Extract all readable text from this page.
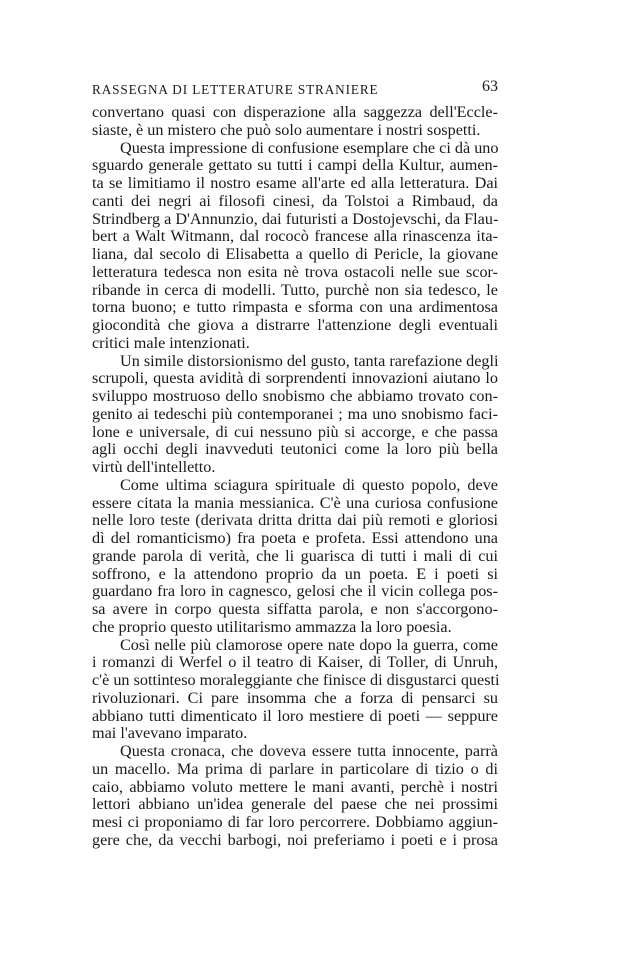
RASSEGNA DI LETTERATURE STRANIERE	63
convertano quasi con disperazione alla saggezza dell'Eccle-
siaste, è un mistero che può solo aumentare i nostri sospetti.
Questa impressione di confusione esemplare che ci dà uno
sguardo generale gettato su tutti i campi della Kultur, aumen-
ta se limitiamo il nostro esame all'arte ed alla letteratura. Dai
canti dei negri ai filosofi cinesi, da Tolstoi a Rimbaud, da
Strindberg a D'Annunzio, dai futuristi a Dostojevschi, da Flau-
bert a Walt Witmann, dal rococò francese alla rinascenza ita-
liana, dal secolo di Elisabetta a quello di Pericle, la giovane
letteratura tedesca non esita nè trova ostacoli nelle sue scor-
ribande in cerca di modelli. Tutto, purchè non sia tedesco, le
torna buono; e tutto rimpasta e sforma con una ardimentosa
giocondità che giova a distrarre l'attenzione degli eventuali
critici male intenzionati.
Un simile distorsionismo del gusto, tanta rarefazione degli
scrupoli, questa avidità di sorprendenti innovazioni aiutano lo
sviluppo mostruoso dello snobismo che abbiamo trovato con-
genito ai tedeschi più contemporanei ; ma uno snobismo faci-
lone e universale, di cui nessuno più si accorge, e che passa
agli occhi degli inavveduti teutonici come la loro più bella
virtù dell'intelletto.
Come ultima sciagura spirituale di questo popolo, deve
essere citata la mania messianica. C'è una curiosa confusione
nelle loro teste (derivata dritta dritta dai più remoti e gloriosi
dì del romanticismo) fra poeta e profeta. Essi attendono una
grande parola di verità, che li guarisca di tutti i mali di cui
soffrono, e la attendono proprio da un poeta. E i poeti si
guardano fra loro in cagnesco, gelosi che il vicin collega pos-
sa avere in corpo questa siffatta parola, e non s'accorgono-
che proprio questo utilitarismo ammazza la loro poesia.
Così nelle più clamorose opere nate dopo la guerra, come
i romanzi di Werfel o il teatro di Kaiser, di Toller, di Unruh,
c'è un sottinteso moraleggiante che finisce di disgustarci questi
rivoluzionari. Ci pare insomma che a forza di pensarci su
abbiano tutti dimenticato il loro mestiere di poeti — seppure
mai l'avevano imparato.
Questa cronaca, che doveva essere tutta innocente, parrà
un macello. Ma prima di parlare in particolare di tizio o di
caio, abbiamo voluto mettere le mani avanti, perchè i nostri
lettori abbiano un'idea generale del paese che nei prossimi
mesi ci proponiamo di far loro percorrere. Dobbiamo aggiun-
gere che, da vecchi barbogi, noi preferiamo i poeti e i prosa
